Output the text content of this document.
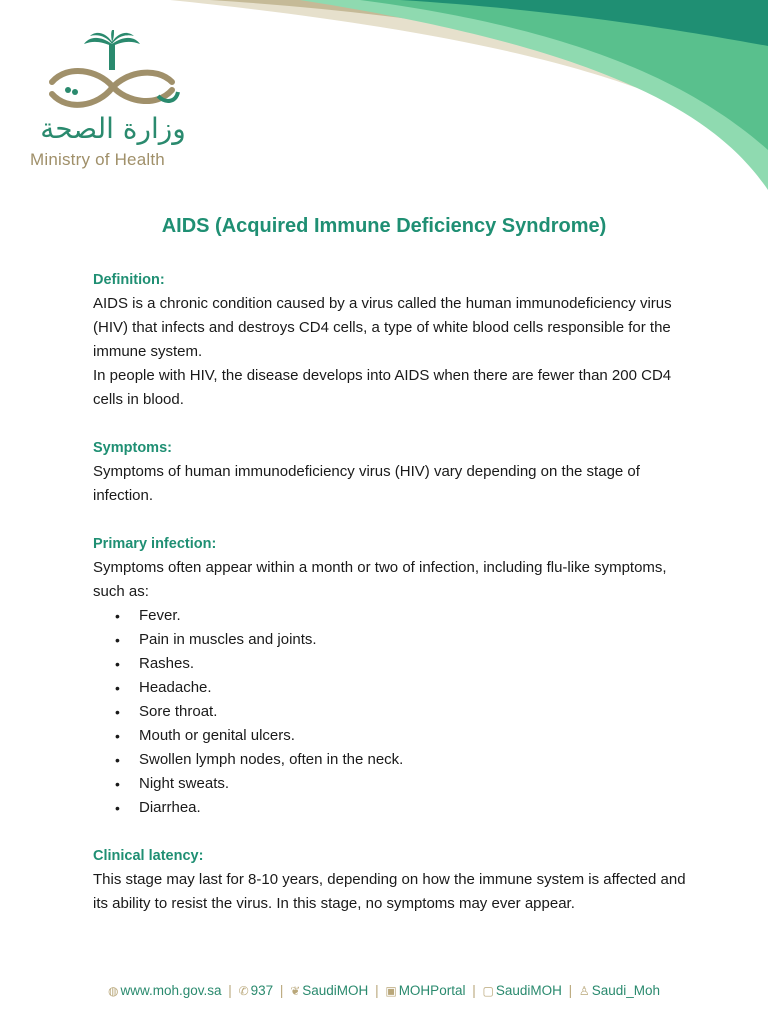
وزارة الصحة
Ministry of Health
AIDS (Acquired Immune Deficiency Syndrome)
Definition:

AIDS is a chronic condition caused by a virus called the human immunodeficiency virus (HIV) that infects and destroys CD4 cells, a type of white blood cells responsible for the immune system.

In people with HIV, the disease develops into AIDS when there are fewer than 200 CD4 cells in blood.

Symptoms:

Symptoms of human immunodeficiency virus (HIV) vary depending on the stage of infection.

Primary infection:

Symptoms often appear within a month or two of infection, including flu-like symptoms, such as:

• Fever.
• Pain in muscles and joints.
• Rashes.
• Headache.
• Sore throat.
• Mouth or genital ulcers.
• Swollen lymph nodes, often in the neck.
• Night sweats.
• Diarrhea.
Clinical latency:

This stage may last for 8-10 years, depending on how the immune system is affected and its ability to resist the virus. In this stage, no symptoms may ever appear.

◍ www.moh.gov.sa | ✆ 937 | ❦ SaudiMOH | ▣ MOHPortal | ▢ SaudiMOH | ♙ Saudi_Moh
